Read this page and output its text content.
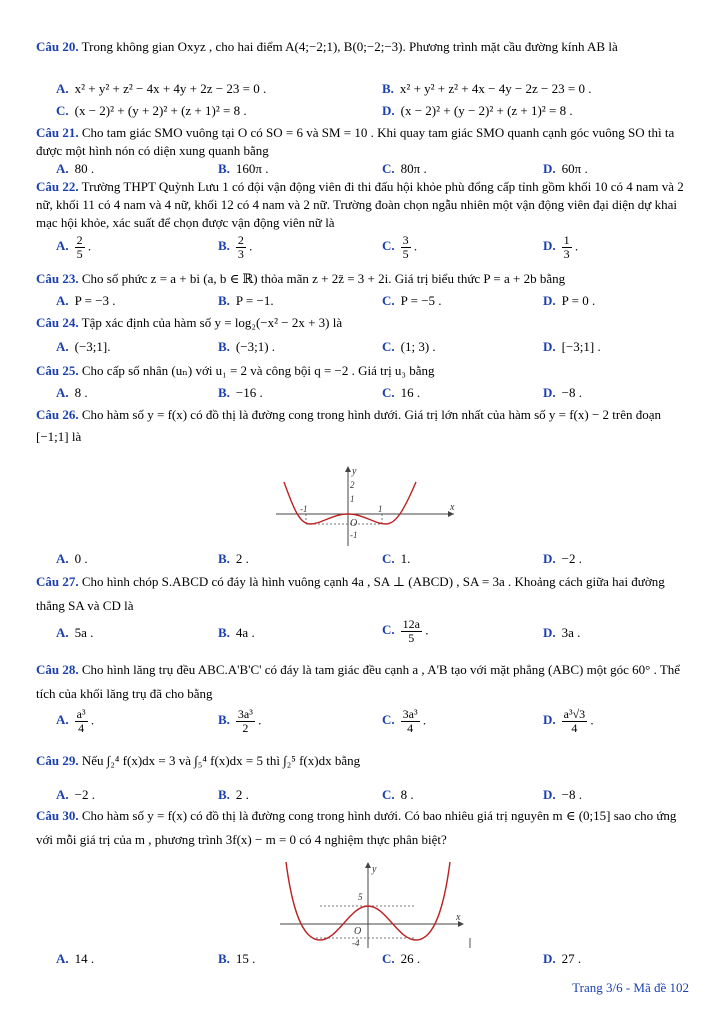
Câu 20. Trong không gian Oxyz , cho hai điểm A(4;−2;1), B(0;−2;−3). Phương trình mặt cầu đường kính AB là
A. x² + y² + z² − 4x + 4y + 2z − 23 = 0 .	B. x² + y² + z² + 4x − 4y − 2z − 23 = 0 .
C. (x − 2)² + (y + 2)² + (z + 1)² = 8 .	D. (x − 2)² + (y − 2)² + (z + 1)² = 8 .
Câu 21. Cho tam giác SMO vuông tại O có SO = 6 và SM = 10 . Khi quay tam giác SMO quanh cạnh góc vuông SO thì ta được một hình nón có diện xung quanh bằng
A. 80 .	B. 160π .	C. 80π .	D. 60π .
Câu 22. Trường THPT Quỳnh Lưu 1 có đội vận động viên đi thi đấu hội khỏe phù đổng cấp tỉnh gồm khối 10 có 4 nam và 2 nữ, khối 11 có 4 nam và 4 nữ, khối 12 có 4 nam và 2 nữ. Trường đoàn chọn ngẫu nhiên một vận động viên đại diện dự khai mạc hội khỏe, xác suất để chọn được vận động viên nữ là
A. $\frac{2}{5}$ .	B. $\frac{2}{3}$ .	C. $\frac{3}{5}$ .	D. $\frac{1}{3}$ .
Câu 23. Cho số phức z = a + bi (a, b ∈ ℝ) thỏa mãn z + 2z̄ = 3 + 2i. Giá trị biểu thức P = a + 2b bằng
A. P = −3 .	B. P = −1.	C. P = −5 .	D. P = 0 .
Câu 24. Tập xác định của hàm số y = log₂(−x² − 2x + 3) là
A. (−3;1].	B. (−3;1) .	C. (1; 3) .	D. [−3;1] .
Câu 25. Cho cấp số nhân (uₙ) với u₁ = 2 và công bội q = −2 . Giá trị u₃ bằng
A. 8 .	B. −16 .	C. 16 .	D. −8 .
Câu 26. Cho hàm số y = f(x) có đồ thị là đường cong trong hình dưới. Giá trị lớn nhất của hàm số y = f(x) − 2 trên đoạn [−1;1] là
y
x
O
2
1
-1	1
-1
A. 0 .	B. 2 .	C. 1.	D. −2 .
Câu 27. Cho hình chóp S.ABCD có đáy là hình vuông cạnh 4a , SA ⊥ (ABCD) , SA = 3a . Khoảng cách giữa hai đường thẳng SA và CD là
A. 5a .	B. 4a .	C. $\frac{12a}{5}$ .	D. 3a .
Câu 28. Cho hình lăng trụ đều ABC.A'B'C' có đáy là tam giác đều cạnh a , A'B tạo với mặt phẳng (ABC) một góc 60° . Thể tích của khối lăng trụ đã cho bằng
A. $\frac{\text{a³}}{4}$ .	B. $\frac{\text{3a³}}{2}$ .	C. $\frac{\text{3a³}}{4}$ .	D. $\frac{\text{a³√3}}{4}$ .
Câu 29. Nếu ∫₂⁴ f(x)dx = 3 và ∫₅⁴ f(x)dx = 5 thì ∫₂⁵ f(x)dx bằng
A. −2 .	B. 2 .	C. 8 .	D. −8 .
Câu 30. Cho hàm số y = f(x) có đồ thị là đường cong trong hình dưới. Có bao nhiêu giá trị nguyên m ∈ (0;15] sao cho ứng với mỗi giá trị của m , phương trình 3f(x) − m = 0 có 4 nghiệm thực phân biệt?
y
x
O
5
-4
A. 14 .	B. 15 .	C. 26 .	D. 27 .
Trang 3/6 - Mã đề 102
